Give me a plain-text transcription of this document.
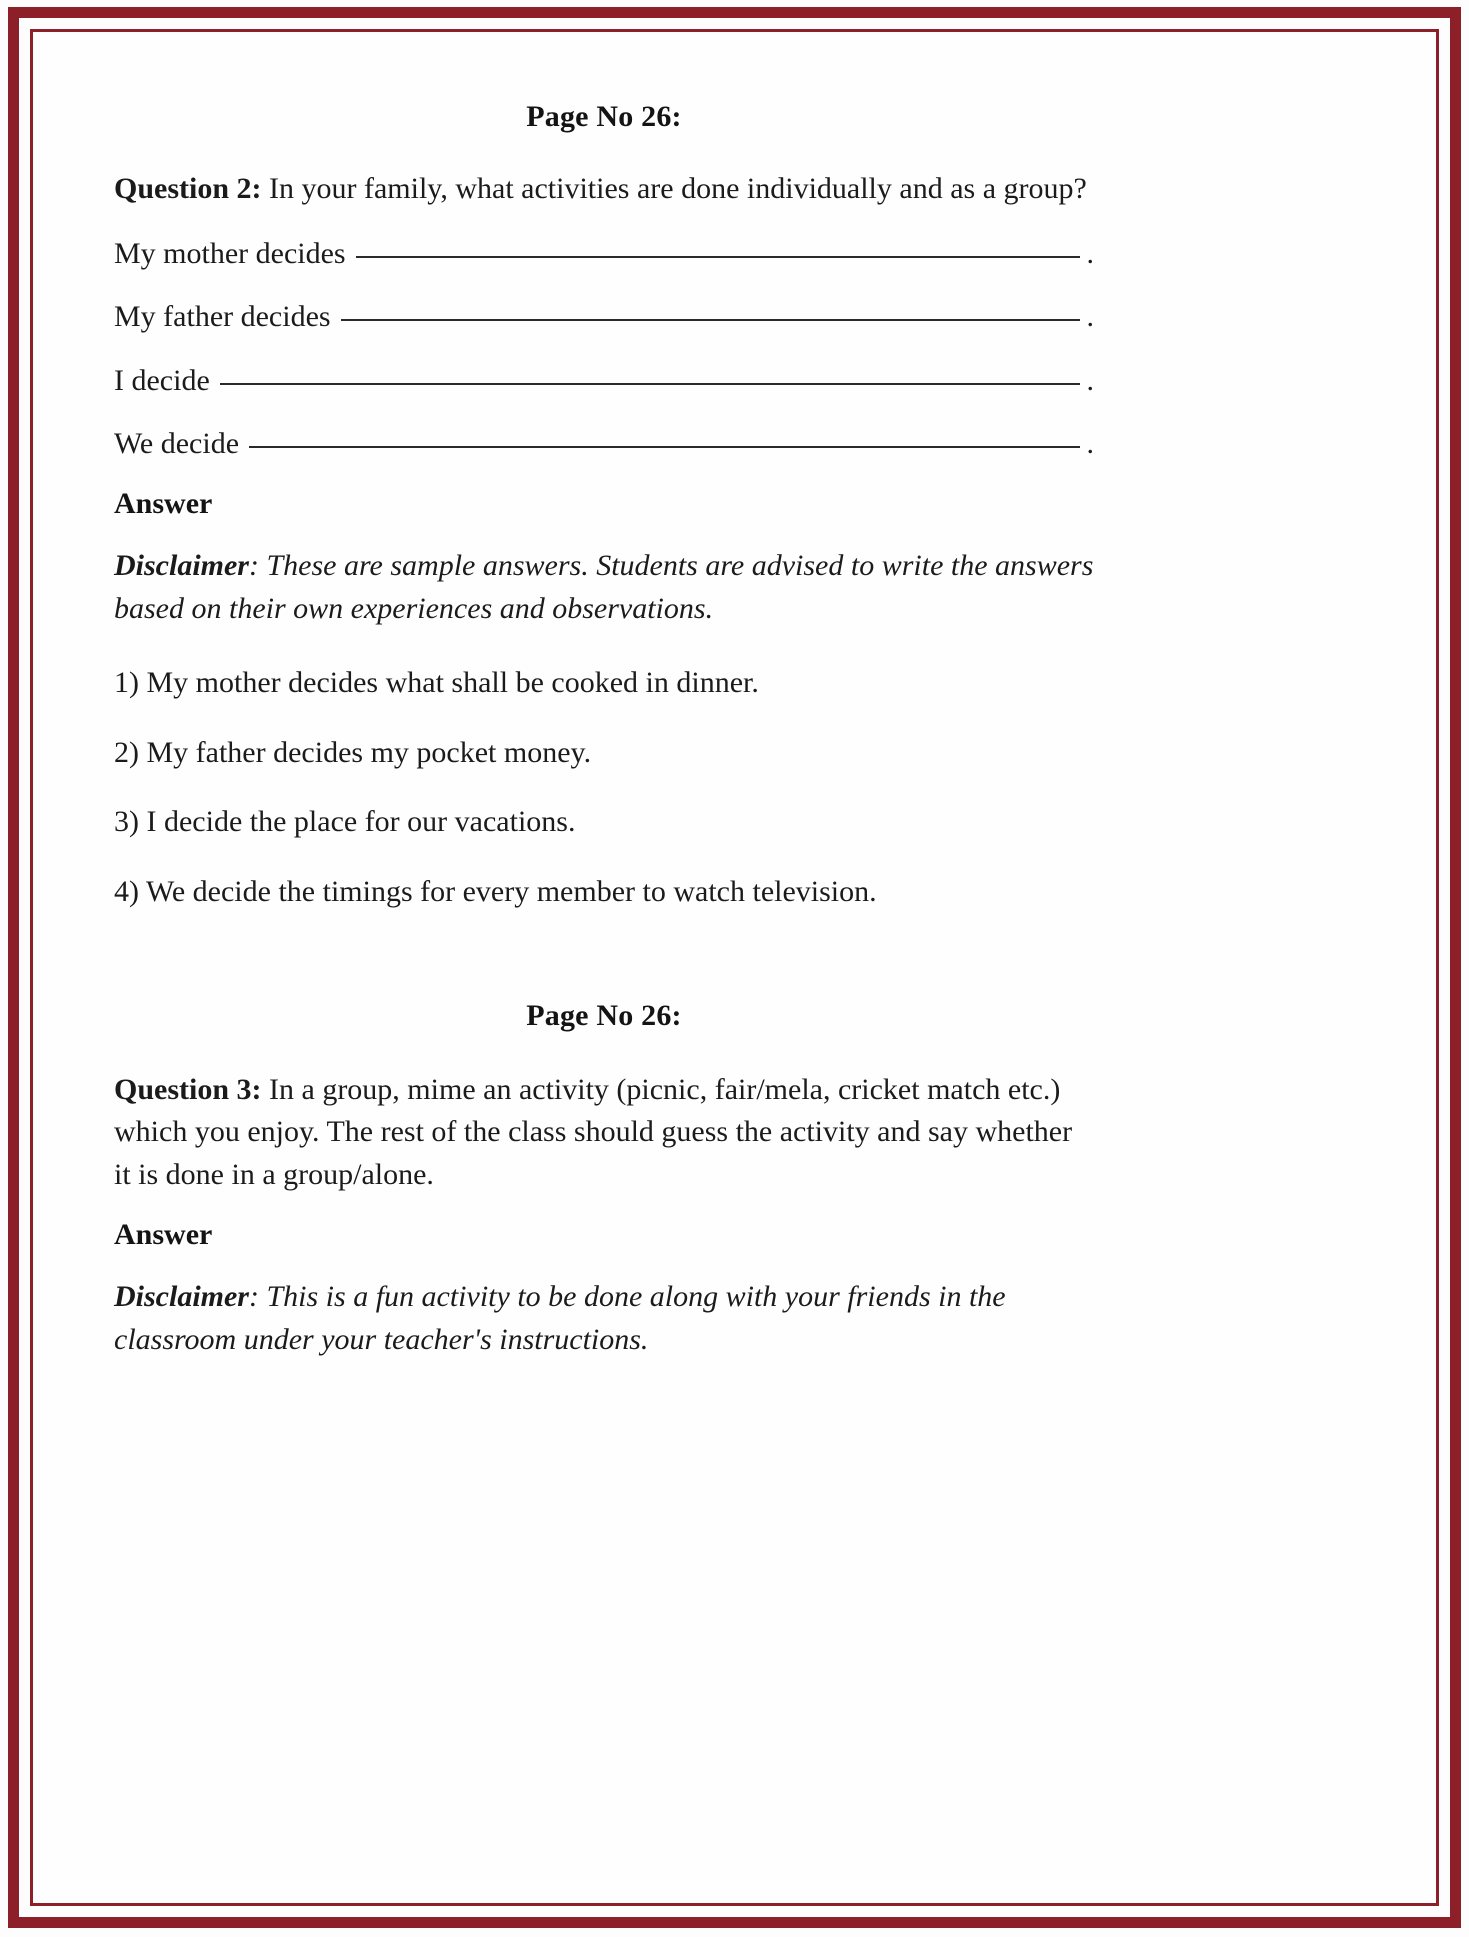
Page No 26:

Question 2: In your family, what activities are done individually and as a group?

My mother decides	.
My father decides	.
I decide	.
We decide	.
Answer

Disclaimer: These are sample answers. Students are advised to write the answers based on their own experiences and observations.

1) My mother decides what shall be cooked in dinner.

2) My father decides my pocket money.

3) I decide the place for our vacations.

4) We decide the timings for every member to watch television.

Page No 26:

Question 3: In a group, mime an activity (picnic, fair/mela, cricket match etc.) which you enjoy. The rest of the class should guess the activity and say whether it is done in a group/alone.

Answer

Disclaimer: This is a fun activity to be done along with your friends in the classroom under your teacher's instructions.
